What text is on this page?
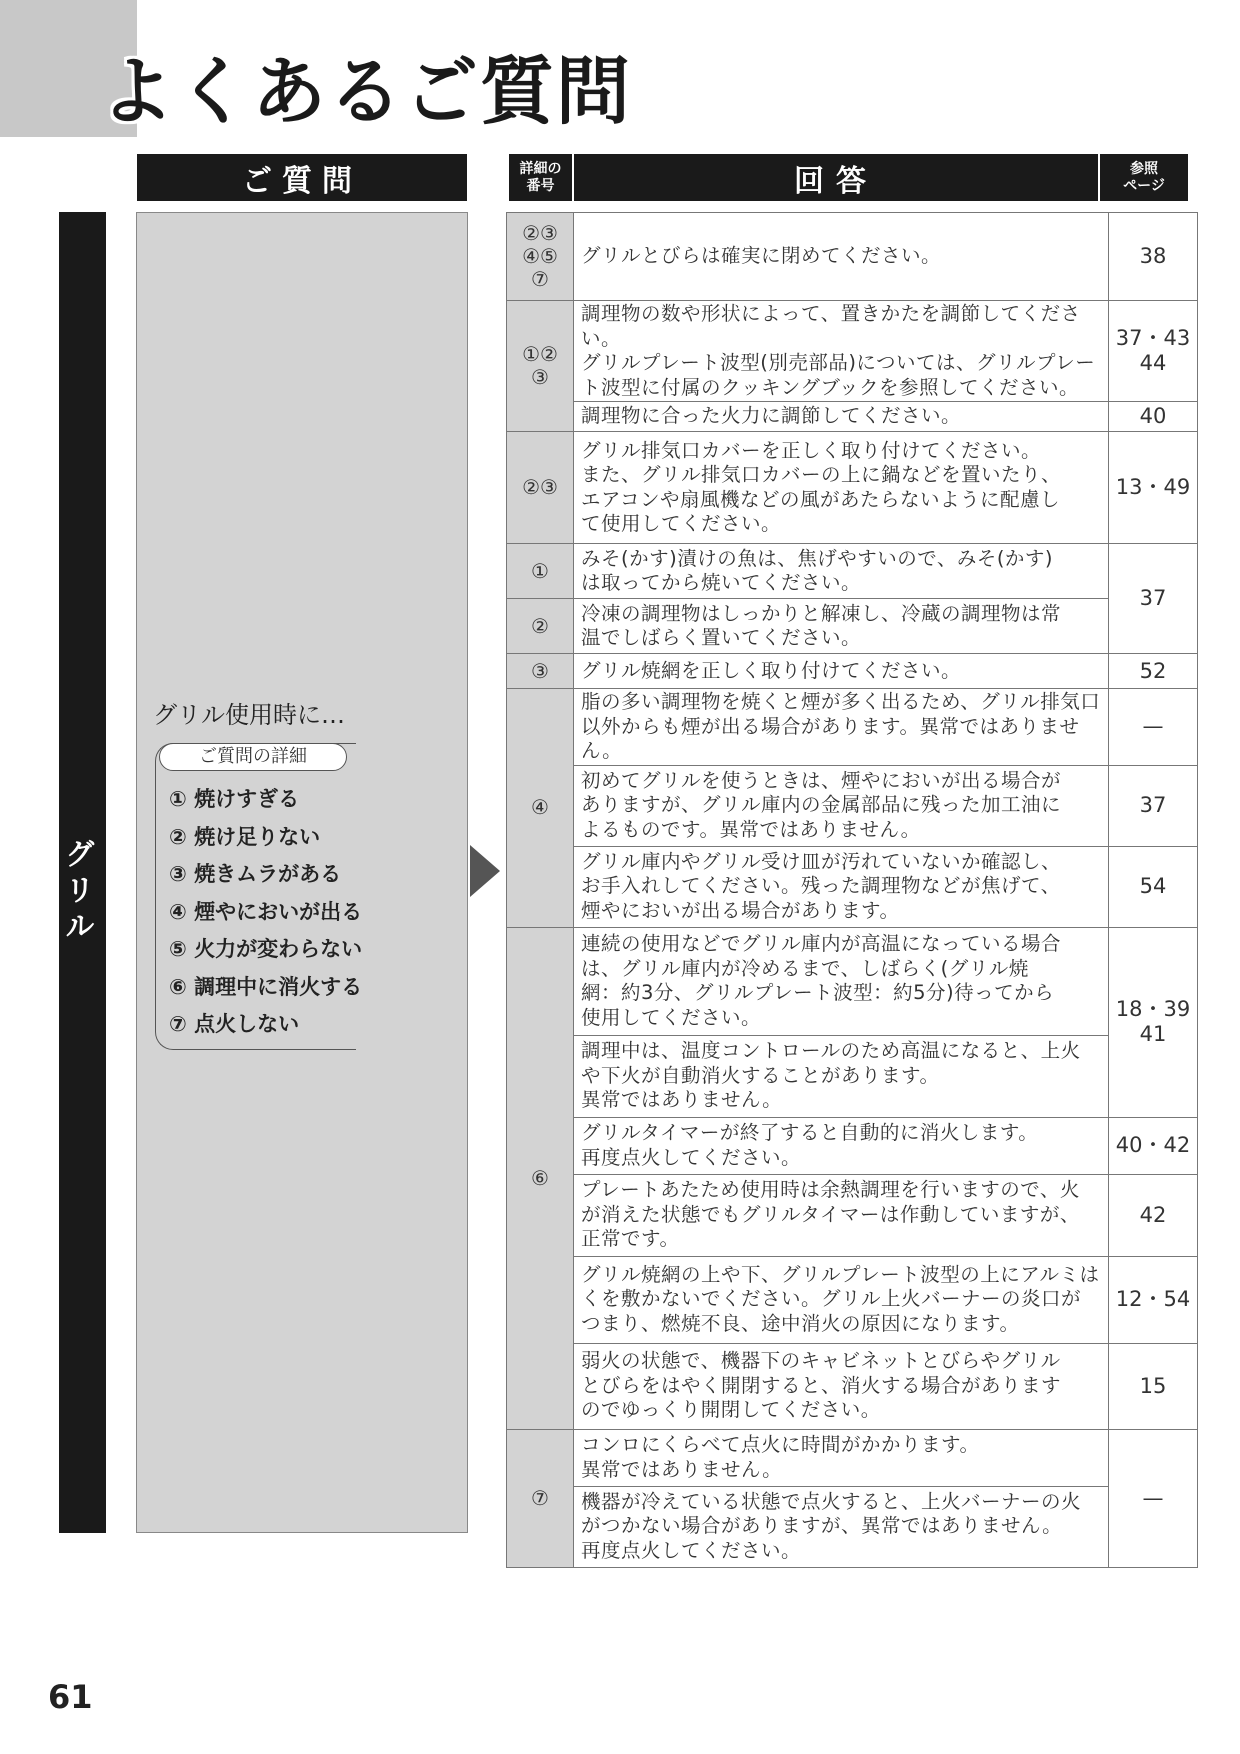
よくあるご質問
ご質問	詳細の
番号	回答	参照
ページ
グリル

グリル使用時に…

ご質問の詳細
① 焼けすぎる
② 焼け足りない
③ 焼きムラがある
④ 煙やにおいが出る
⑤ 火力が変わらない
⑥ 調理中に消火する
⑦ 点火しない
②③
④⑤
⑦	グリルとびらは確実に閉めてください。	38
①②
③	調理物の数や形状によって、置きかたを調節してください。
グリルプレート波型(別売部品)については、グリルプレー
ト波型に付属のクッキングブックを参照してください。	37・43
44
	調理物に合った火力に調節してください。	40
②③	グリル排気口カバーを正しく取り付けてください。
また、グリル排気口カバーの上に鍋などを置いたり、
エアコンや扇風機などの風があたらないように配慮し
て使用してください。	13・49
①	みそ(かす)漬けの魚は、焦げやすいので、みそ(かす)
は取ってから焼いてください。	37
②	冷凍の調理物はしっかりと解凍し、冷蔵の調理物は常
温でしばらく置いてください。	
③	グリル焼網を正しく取り付けてください。	52
④	脂の多い調理物を焼くと煙が多く出るため、グリル排気口
以外からも煙が出る場合があります。異常ではありません。	—
	初めてグリルを使うときは、煙やにおいが出る場合が
ありますが、グリル庫内の金属部品に残った加工油に
よるものです。異常ではありません。	37
	グリル庫内やグリル受け皿が汚れていないか確認し、
お手入れしてください。残った調理物などが焦げて、
煙やにおいが出る場合があります。	54
⑥	連続の使用などでグリル庫内が高温になっている場合
は、グリル庫内が冷めるまで、しばらく(グリル焼
網：約3分、グリルプレート波型：約5分)待ってから
使用してください。	18・39
41
	調理中は、温度コントロールのため高温になると、上火
や下火が自動消火することがあります。
異常ではありません。	
	グリルタイマーが終了すると自動的に消火します。
再度点火してください。	40・42
	プレートあたため使用時は余熱調理を行いますので、火
が消えた状態でもグリルタイマーは作動していますが、
正常です。	42
	グリル焼網の上や下、グリルプレート波型の上にアルミは
くを敷かないでください。グリル上火バーナーの炎口が
つまり、燃焼不良、途中消火の原因になります。	12・54
	弱火の状態で、機器下のキャビネットとびらやグリル
とびらをはやく開閉すると、消火する場合があります
のでゆっくり開閉してください。	15
⑦	コンロにくらべて点火に時間がかかります。
異常ではありません。	—
	機器が冷えている状態で点火すると、上火バーナーの火
がつかない場合がありますが、異常ではありません。
再度点火してください。	
61
